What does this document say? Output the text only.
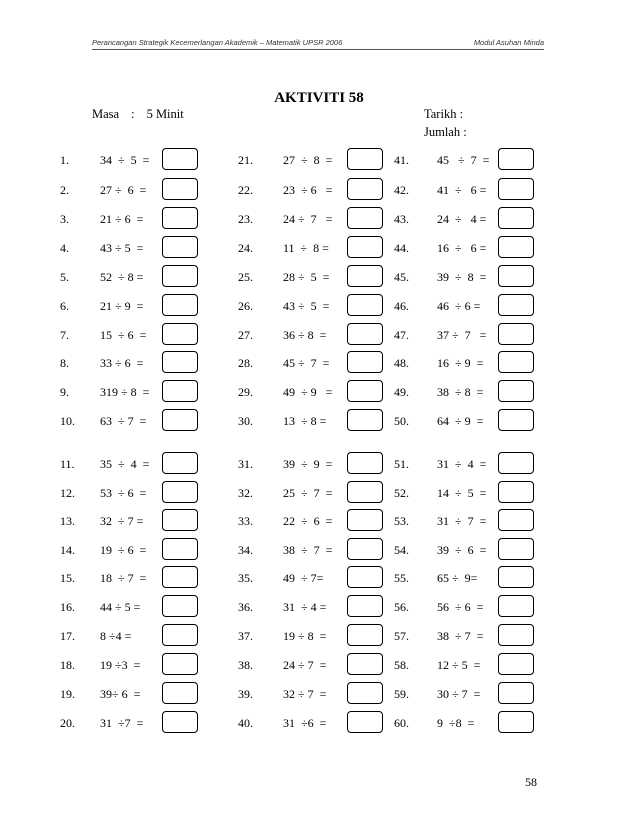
Perancangan Strategik Kecemerlangan Akademik – Matematik UPSR 2006	Modul Asuhan Minda
AKTIVITI 58
Masa : 5 Minit	Tarikh :
Jumlah :
1.	34  ÷  5  =
2.	27 ÷  6  =
3.	21 ÷ 6  =
4.	43 ÷ 5  =
5.	52  ÷ 8 =
6.	21 ÷ 9  =
7.	15  ÷ 6  =
8.	33 ÷ 6  =
9.	319 ÷ 8  =
10. 63  ÷ 7  =
11. 35  ÷  4  =
12. 53  ÷ 6  =
13. 32  ÷ 7 =
14. 19  ÷ 6  =
15. 18  ÷ 7  =
16. 44 ÷ 5 =
17. 8 ÷4 =
18. 19 ÷3  =
19. 39÷ 6  =
20. 31  ÷7  =
21.	27  ÷  8  =
22.	23  ÷ 6   =
23.	24 ÷  7   =
24.	11  ÷  8 =
25.	28 ÷  5  =
26.	43 ÷  5  =
27.	36 ÷ 8  =
28.	45 ÷  7  =
29.	49  ÷ 9   =
30.	13  ÷ 8 =
31.	39  ÷  9  =
32.	25  ÷  7  =
33.	22  ÷  6  =
34.	38  ÷  7  =
35.	49  ÷ 7=
36.	31  ÷ 4 =
37.	19 ÷ 8  =
38.	24 ÷ 7  =
39.	32 ÷ 7  =
40.	31  ÷6  =
41. 45   ÷  7  =
42. 41  ÷   6 =
43. 24  ÷   4 =
44. 16  ÷   6 =
45. 39  ÷  8  =
46. 46  ÷ 6 =
47. 37 ÷  7   =
48. 16  ÷ 9  =
49. 38  ÷ 8  =
50. 64  ÷ 9  =
51. 31  ÷  4  =
52. 14  ÷  5  =
53. 31  ÷  7  =
54. 39  ÷  6  =
55. 65 ÷  9=
56. 56  ÷ 6  =
57. 38  ÷ 7  =
58. 12 ÷ 5  =
59. 30 ÷ 7  =
60. 9  ÷8  =
58
